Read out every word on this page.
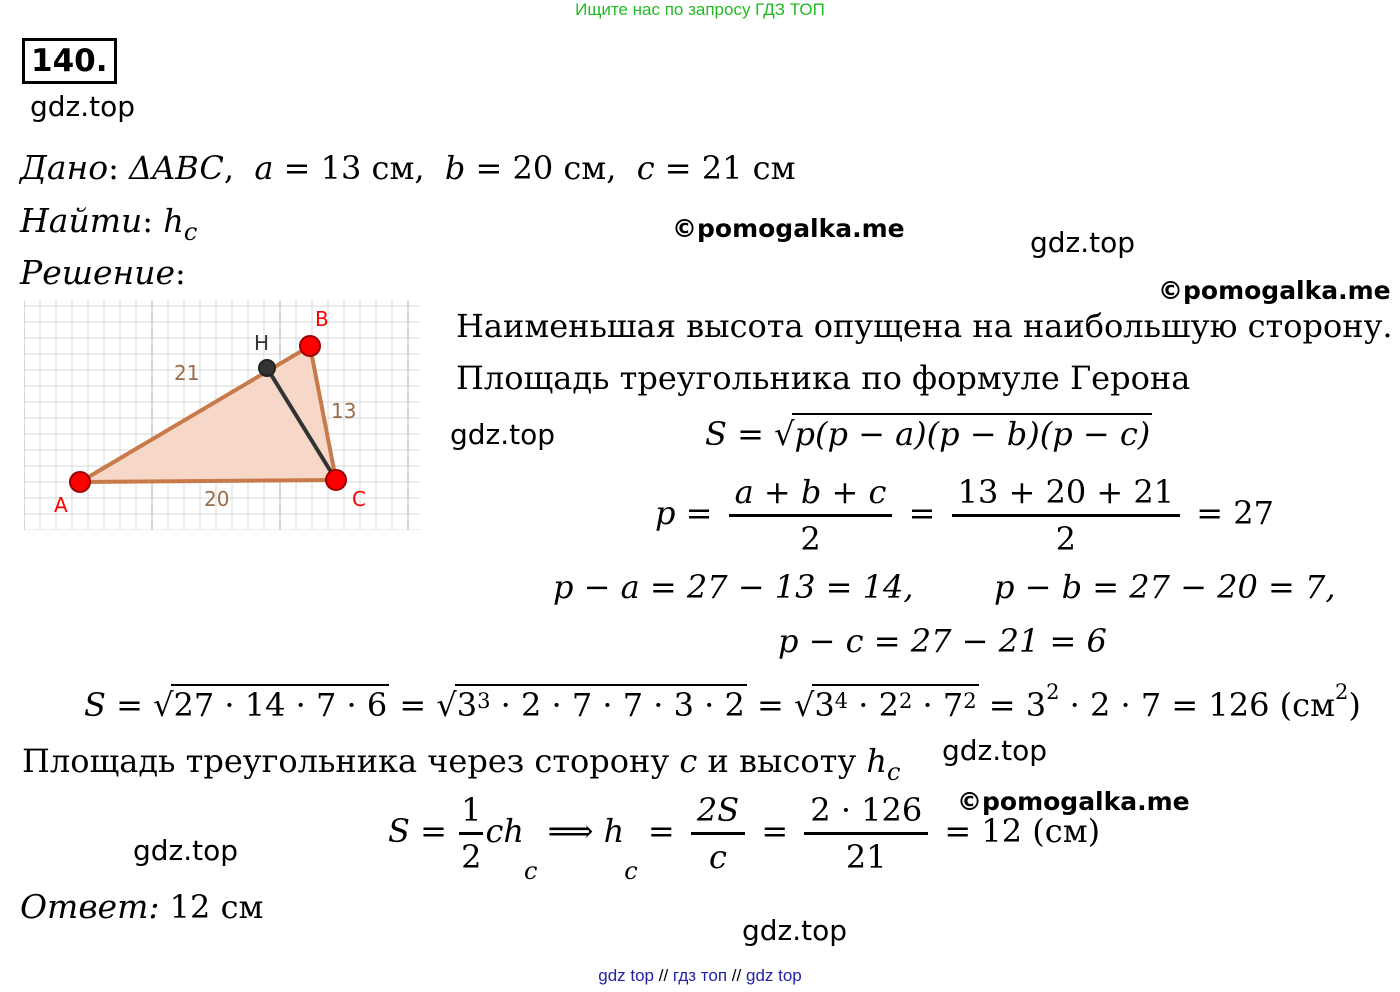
Ищите нас по запросу ГДЗ ТОП
140.
gdz.top
gdz.top
gdz.top
gdz.top
gdz.top
gdz.top
©pomogalka.me
©pomogalka.me
©pomogalka.me
Дано: ΔABC,  a = 13 см,  b = 20 см,  c = 21 см
Найти: hc
Решение:
21
13
20
A
B
C
H	Наименьшая высота опущена на наибольшую сторону.
Площадь треугольника по формуле Герона
S = √p(p − a)(p − b)(p − c)
$p = \frac{a + b + c}{2} = \frac{13 + 20 + 21}{2} = 27$
p − a = 27 − 13 = 14,	p − b = 27 − 20 = 7,
p − c = 27 − 21 = 6
$S = √27 \cdot 14 \cdot 7 \cdot 6 = √3^3 \cdot 2 \cdot 7 \cdot 7 \cdot 3 \cdot 2 = √3^4 \cdot 2^2 \cdot 7^2 = 3^2 \cdot 2 \cdot 7 = 126$ $(см^2)$
Площадь треугольника через сторону c и высоту hc
$S = \frac{1}{2}$ chc ⟹ hc = $\frac{2S}{c} = \frac{2 \cdot 126}{21} = 12$ (см)
Ответ: 12 см
gdz top // гдз топ // gdz top
